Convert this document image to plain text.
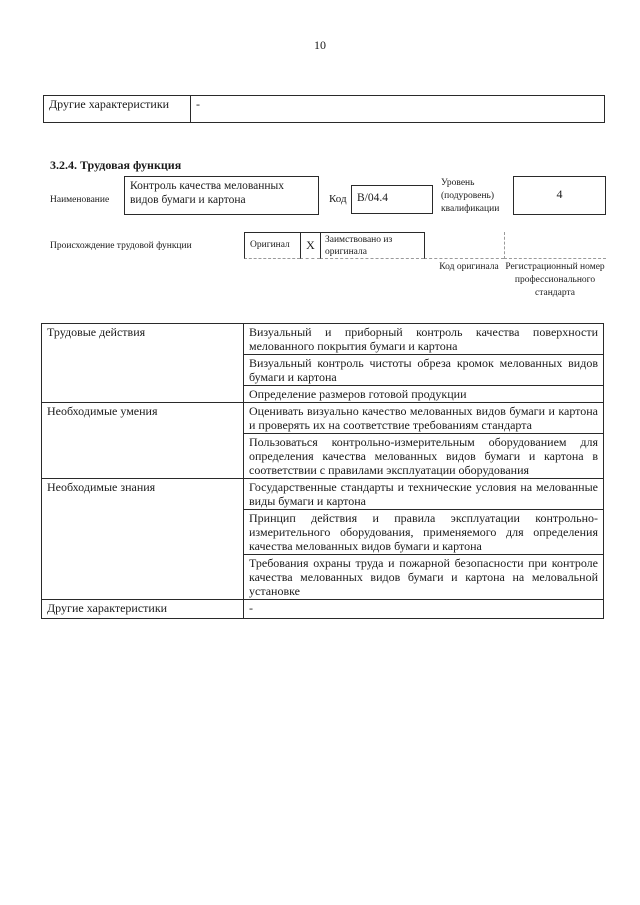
10
Другие характеристики	-
3.2.4. Трудовая функция
Наименование
Контроль качества мелованных видов бумаги и картона	Код B/04.4
Уровень (подуровень) квалификации
4
Происхождение трудовой функции	Оригинал	X	Заимствовано из оригинала
Код оригинала Регистрационный номер профессионального стандарта
Трудовые действия	Визуальный и приборный контроль качества поверхности мелованного покрытия бумаги и картона
	Визуальный контроль чистоты обреза кромок мелованных видов бумаги и картона
	Определение размеров готовой продукции
Необходимые умения	Оценивать визуально качество мелованных видов бумаги и картона и проверять их на соответствие требованиям стандарта
	Пользоваться контрольно-измерительным оборудованием для определения качества мелованных видов бумаги и картона в соответствии с правилами эксплуатации оборудования
Необходимые знания	Государственные стандарты и технические условия на мелованные виды бумаги и картона
	Принцип действия и правила эксплуатации контрольно-измерительного оборудования, применяемого для определения качества мелованных видов бумаги и картона
	Требования охраны труда и пожарной безопасности при контроле качества мелованных видов бумаги и картона на меловальной установке
Другие характеристики	-
